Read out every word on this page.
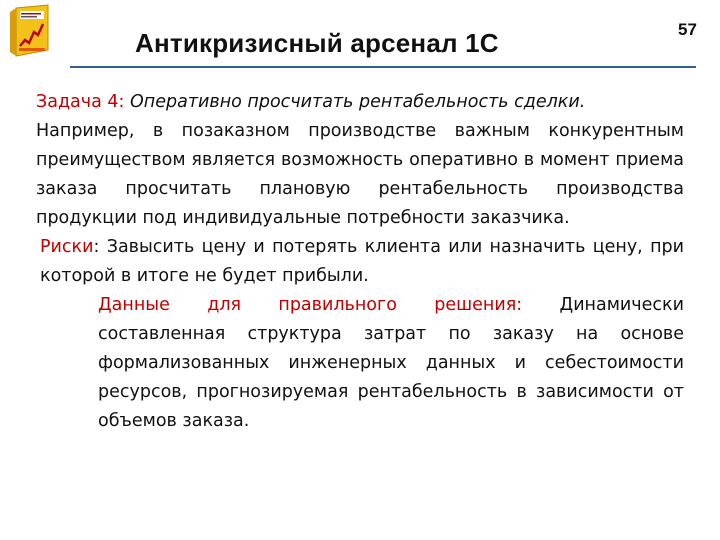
Антикризисный арсенал 1С	57

Задача 4: Оперативно просчитать рентабельность сделки.

Например, в позаказном производстве важным конкурентным преимуществом является возможность оперативно в момент приема заказа просчитать плановую рентабельность производства продукции под индивидуальные потребности заказчика.

Риски: Завысить цену и потерять клиента или назначить цену, при которой в итоге не будет прибыли.

Данные для правильного решения: Динамически составленная структура затрат по заказу на основе формализованных инженерных данных и себестоимости ресурсов, прогнозируемая рентабельность в зависимости от объемов заказа.
